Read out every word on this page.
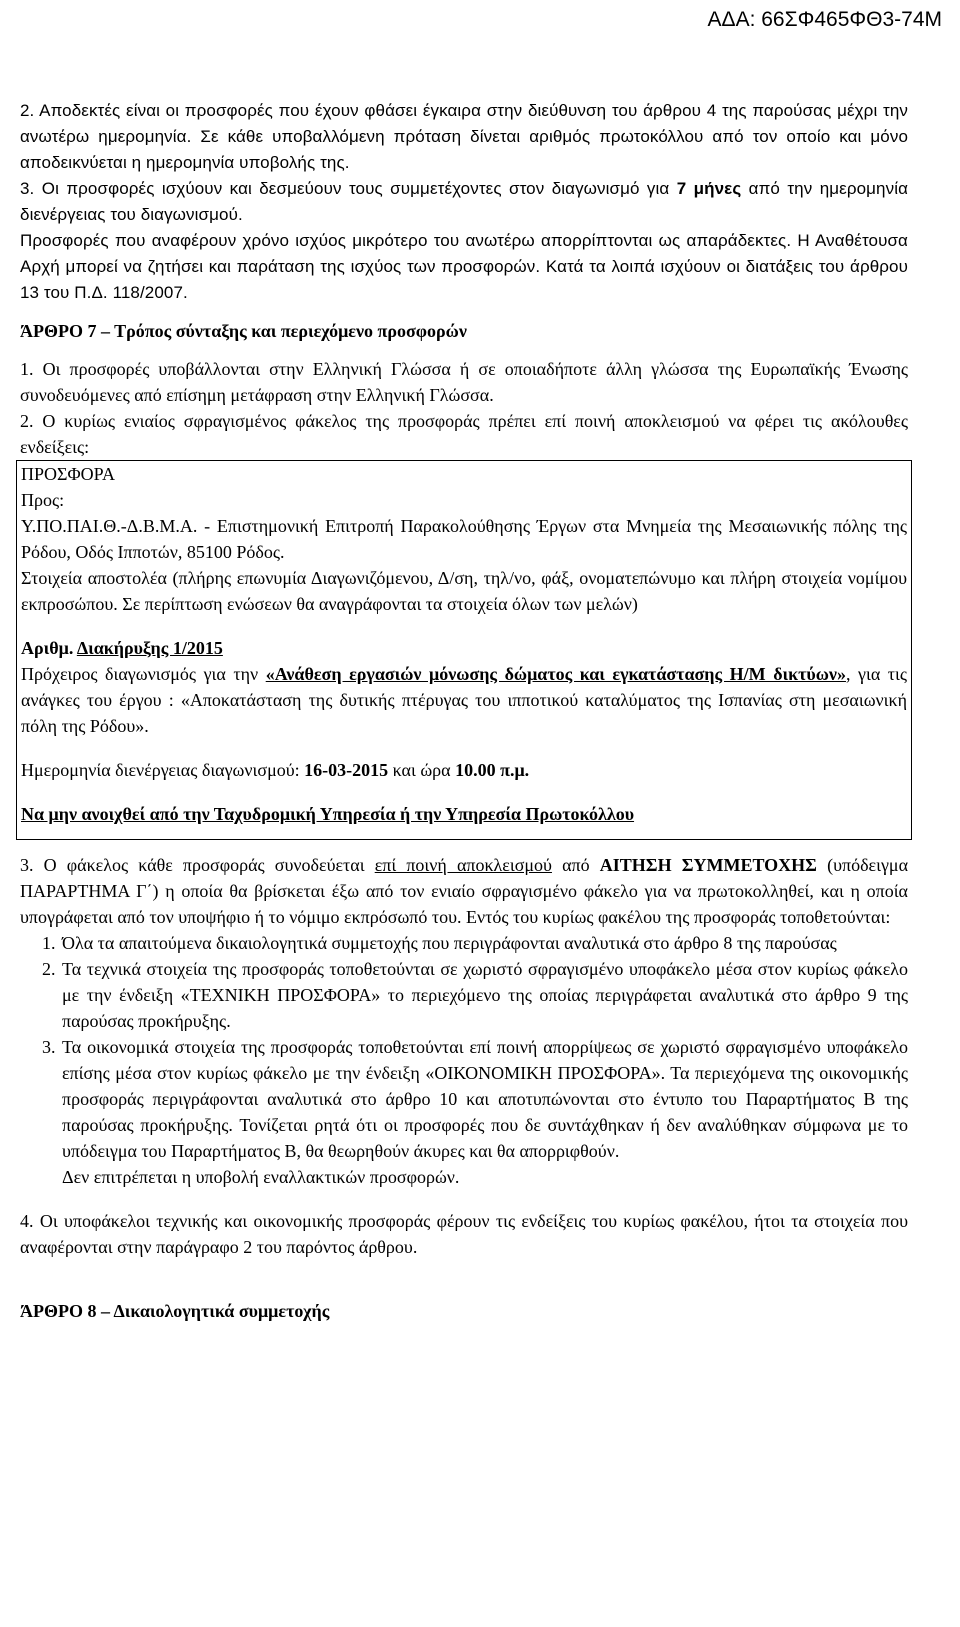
ΑΔΑ: 66ΣΦ465ΦΘ3-74Μ

2. Αποδεκτές είναι οι προσφορές που έχουν φθάσει έγκαιρα στην διεύθυνση του άρθρου 4 της παρούσας μέχρι την ανωτέρω ημερομηνία. Σε κάθε υποβαλλόμενη πρόταση δίνεται αριθμός πρωτοκόλλου από τον οποίο και μόνο αποδεικνύεται η ημερομηνία υποβολής της.

3. Οι προσφορές ισχύουν και δεσμεύουν τους συμμετέχοντες στον διαγωνισμό για 7 μήνες από την ημερομηνία διενέργειας του διαγωνισμού.

Προσφορές που αναφέρουν χρόνο ισχύος μικρότερο του ανωτέρω απορρίπτονται ως απαράδεκτες. Η Αναθέτουσα Αρχή μπορεί να ζητήσει και παράταση της ισχύος των προσφορών. Κατά τα λοιπά ισχύουν οι διατάξεις του άρθρου 13 του Π.Δ. 118/2007.

ΆΡΘΡΟ 7 – Τρόπος σύνταξης και περιεχόμενο προσφορών

1. Οι προσφορές υποβάλλονται στην Ελληνική Γλώσσα ή σε οποιαδήποτε άλλη γλώσσα της Ευρωπαϊκής Ένωσης συνοδευόμενες από επίσημη μετάφραση στην Ελληνική Γλώσσα.

2. Ο κυρίως ενιαίος σφραγισμένος φάκελος της προσφοράς πρέπει επί ποινή αποκλεισμού να φέρει τις ακόλουθες ενδείξεις:

ΠΡΟΣΦΟΡΑ

Προς:

Υ.ΠΟ.ΠΑΙ.Θ.-Δ.Β.Μ.Α. - Επιστημονική Επιτροπή Παρακολούθησης Έργων στα Μνημεία της Μεσαιωνικής πόλης της Ρόδου, Οδός Ιπποτών, 85100 Ρόδος.

Στοιχεία αποστολέα (πλήρης επωνυμία Διαγωνιζόμενου, Δ/ση, τηλ/νο, φάξ, ονοματεπώνυμο και πλήρη στοιχεία νομίμου εκπροσώπου. Σε περίπτωση ενώσεων θα αναγράφονται τα στοιχεία όλων των μελών)

Αριθμ. Διακήρυξης 1/2015

Πρόχειρος διαγωνισμός για την «Ανάθεση εργασιών μόνωσης δώματος και εγκατάστασης Η/Μ δικτύων», για τις ανάγκες του έργου : «Αποκατάσταση της δυτικής πτέρυγας του ιπποτικού καταλύματος της Ισπανίας στη μεσαιωνική πόλη της Ρόδου».

Ημερομηνία διενέργειας διαγωνισμού: 16-03-2015 και ώρα 10.00 π.μ.

Να μην ανοιχθεί από την Ταχυδρομική Υπηρεσία ή την Υπηρεσία Πρωτοκόλλου

3. Ο φάκελος κάθε προσφοράς συνοδεύεται επί ποινή αποκλεισμού από ΑΙΤΗΣΗ ΣΥΜΜΕΤΟΧΗΣ (υπόδειγμα ΠΑΡΑΡΤΗΜΑ Γ΄) η οποία θα βρίσκεται έξω από τον ενιαίο σφραγισμένο φάκελο για να πρωτοκολληθεί, και η οποία υπογράφεται από τον υποψήφιο ή το νόμιμο εκπρόσωπό του. Εντός του κυρίως φακέλου της προσφοράς τοποθετούνται:

1. Όλα τα απαιτούμενα δικαιολογητικά συμμετοχής που περιγράφονται αναλυτικά στο άρθρο 8 της παρούσας
2. Τα τεχνικά στοιχεία της προσφοράς τοποθετούνται σε χωριστό σφραγισμένο υποφάκελο μέσα στον κυρίως φάκελο με την ένδειξη «ΤΕΧΝΙΚΗ ΠΡΟΣΦΟΡΑ» το περιεχόμενο της οποίας περιγράφεται αναλυτικά στο άρθρο 9 της παρούσας προκήρυξης.
3. Τα οικονομικά στοιχεία της προσφοράς τοποθετούνται επί ποινή απορρίψεως σε χωριστό σφραγισμένο υποφάκελο επίσης μέσα στον κυρίως φάκελο με την ένδειξη «ΟΙΚΟΝΟΜΙΚΗ ΠΡΟΣΦΟΡΑ». Τα περιεχόμενα της οικονομικής προσφοράς περιγράφονται αναλυτικά στο άρθρο 10 και αποτυπώνονται στο έντυπο του Παραρτήματος Β της παρούσας προκήρυξης. Τονίζεται ρητά ότι οι προσφορές που δε συντάχθηκαν ή δεν αναλύθηκαν σύμφωνα με το υπόδειγμα του Παραρτήματος Β, θα θεωρηθούν άκυρες και θα απορριφθούν.

Δεν επιτρέπεται η υποβολή εναλλακτικών προσφορών.

4. Οι υποφάκελοι τεχνικής και οικονομικής προσφοράς φέρουν τις ενδείξεις του κυρίως φακέλου, ήτοι τα στοιχεία που αναφέρονται στην παράγραφο 2 του παρόντος άρθρου.

ΆΡΘΡΟ 8 – Δικαιολογητικά συμμετοχής
